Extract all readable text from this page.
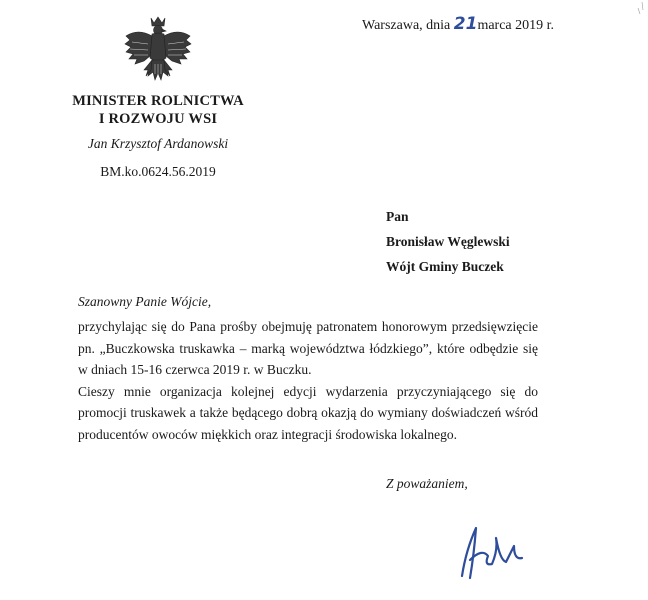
MINISTER ROLNICTWA
I ROZWOJU WSI
Jan Krzysztof Ardanowski
BM.ko.0624.56.2019
Warszawa, dnia 21marca 2019 r.
Pan
Bronisław Węglewski
Wójt Gminy Buczek
Szanowny Panie Wójcie,

przychylając się do Pana prośby obejmuję patronatem honorowym przedsięwzięcie pn. „Buczkowska truskawka – marką województwa łódzkiego”, które odbędzie się w dniach 15-16 czerwca 2019 r. w Buczku.

Cieszy mnie organizacja kolejnej edycji wydarzenia przyczyniającego się do promocji truskawek a także będącego dobrą okazją do wymiany doświadczeń wśród producentów owoców miękkich oraz integracji środowiska lokalnego.

Z poważaniem,
